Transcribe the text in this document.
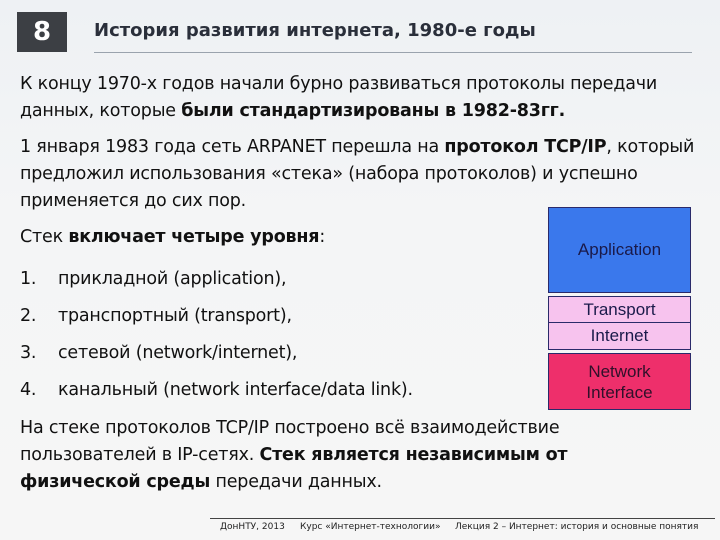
8	История развития интернета, 1980-е годы

К концу 1970-х годов начали бурно развиваться протоколы передачи данных, которые были стандартизированы в 1982-83гг.

1 января 1983 года сеть ARPANET перешла на протокол TCP/IP, который предложил использования «стека» (набора протоколов) и успешно применяется до сих пор.

Стек включает четыре уровня:

1.	прикладной (application),
2.	транспортный (transport),
3.	сетевой (network/internet),
4.	канальный (network interface/data link).

На стеке протоколов TCP/IP построено всё взаимодействие пользователей в IP-сетях. Стек является независимым от физической среды передачи данных.

Application
Transport
Internet
Network
Interface
ДонНТУ, 2013 Курс «Интернет-технологии» Лекция 2 – Интернет: история и основные понятия
